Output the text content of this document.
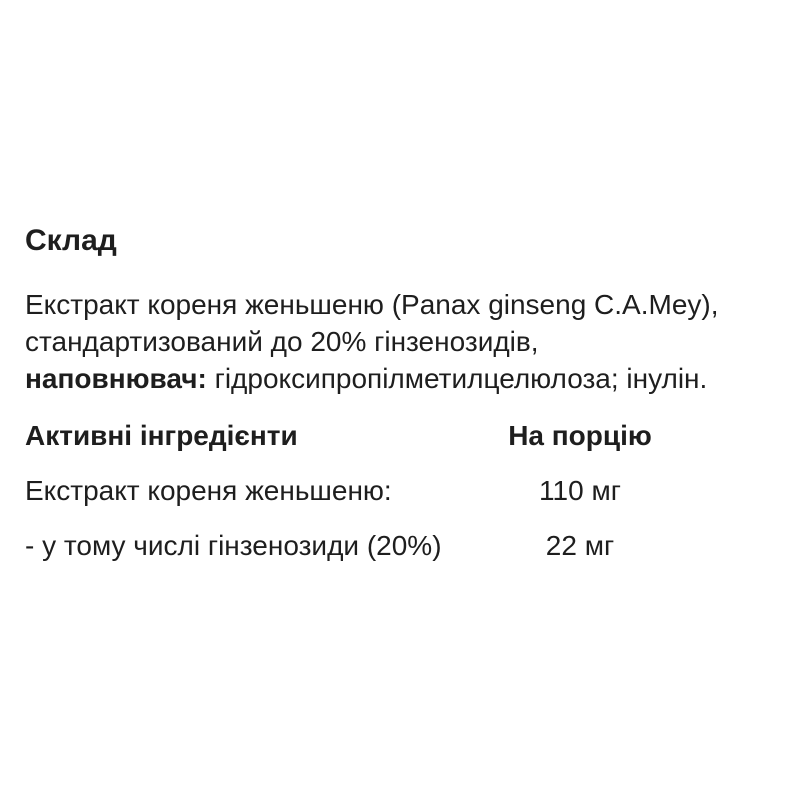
Склад

Екстракт кореня женьшеню (Panax ginseng C.A.Mey),
стандартизований до 20% гінзенозидів,
наповнювач: гідроксипропілметилцелюлоза; інулін.

Активні інгредієнти	На порцію
Екстракт кореня женьшеню:	110 мг
- у тому числі гінзенозиди (20%)	22 мг
